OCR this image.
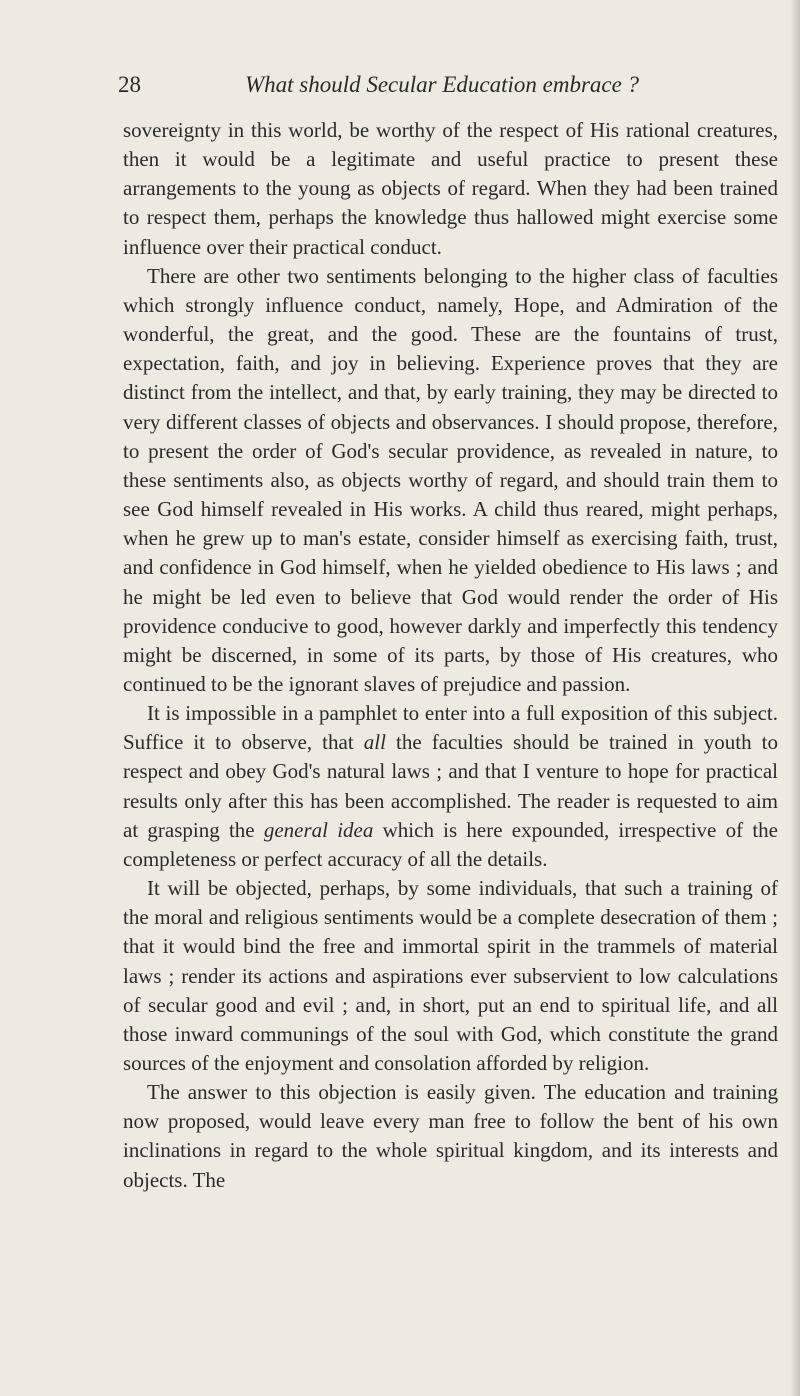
28	What should Secular Education embrace ?

sovereignty in this world, be worthy of the respect of His rational creatures, then it would be a legitimate and useful practice to present these arrangements to the young as objects of regard. When they had been trained to respect them, perhaps the knowledge thus hallowed might exercise some influence over their practical conduct.

There are other two sentiments belonging to the higher class of faculties which strongly influence conduct, namely, Hope, and Admiration of the wonderful, the great, and the good. These are the fountains of trust, expectation, faith, and joy in believing. Experience proves that they are distinct from the intellect, and that, by early training, they may be directed to very different classes of objects and observances. I should propose, therefore, to present the order of God's secular providence, as revealed in nature, to these sentiments also, as objects worthy of regard, and should train them to see God himself revealed in His works. A child thus reared, might perhaps, when he grew up to man's estate, consider himself as exercising faith, trust, and confidence in God himself, when he yielded obedience to His laws ; and he might be led even to believe that God would render the order of His providence conducive to good, however darkly and imperfectly this tendency might be discerned, in some of its parts, by those of His creatures, who continued to be the ignorant slaves of prejudice and passion.

It is impossible in a pamphlet to enter into a full exposition of this subject. Suffice it to observe, that all the faculties should be trained in youth to respect and obey God's natural laws ; and that I venture to hope for practical results only after this has been accomplished. The reader is requested to aim at grasping the general idea which is here expounded, irrespective of the completeness or perfect accuracy of all the details.

It will be objected, perhaps, by some individuals, that such a training of the moral and religious sentiments would be a complete desecration of them ; that it would bind the free and immortal spirit in the trammels of material laws ; render its actions and aspirations ever subservient to low calculations of secular good and evil ; and, in short, put an end to spiritual life, and all those inward communings of the soul with God, which constitute the grand sources of the enjoyment and consolation afforded by religion.

The answer to this objection is easily given. The education and training now proposed, would leave every man free to follow the bent of his own inclinations in regard to the whole spiritual kingdom, and its interests and objects. The
